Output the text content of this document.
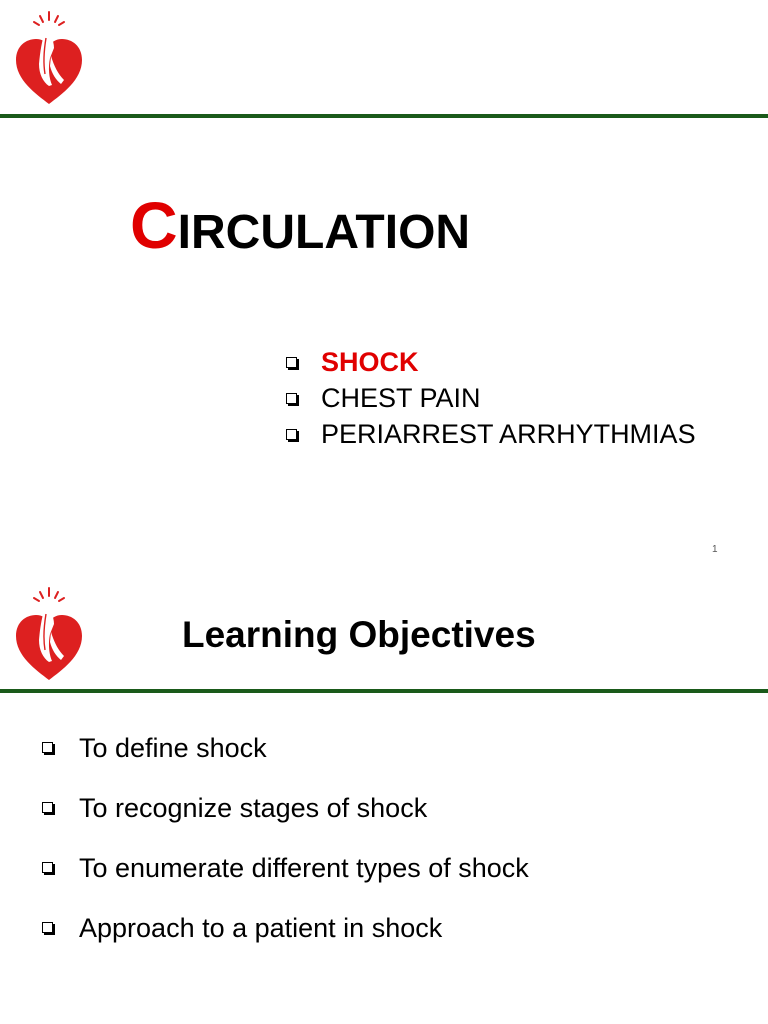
CIRCULATION
SHOCK
CHEST PAIN
PERIARREST ARRHYTHMIAS
1
Learning Objectives
To define shock
To recognize stages of shock
To enumerate different types of shock
Approach to a patient in shock
